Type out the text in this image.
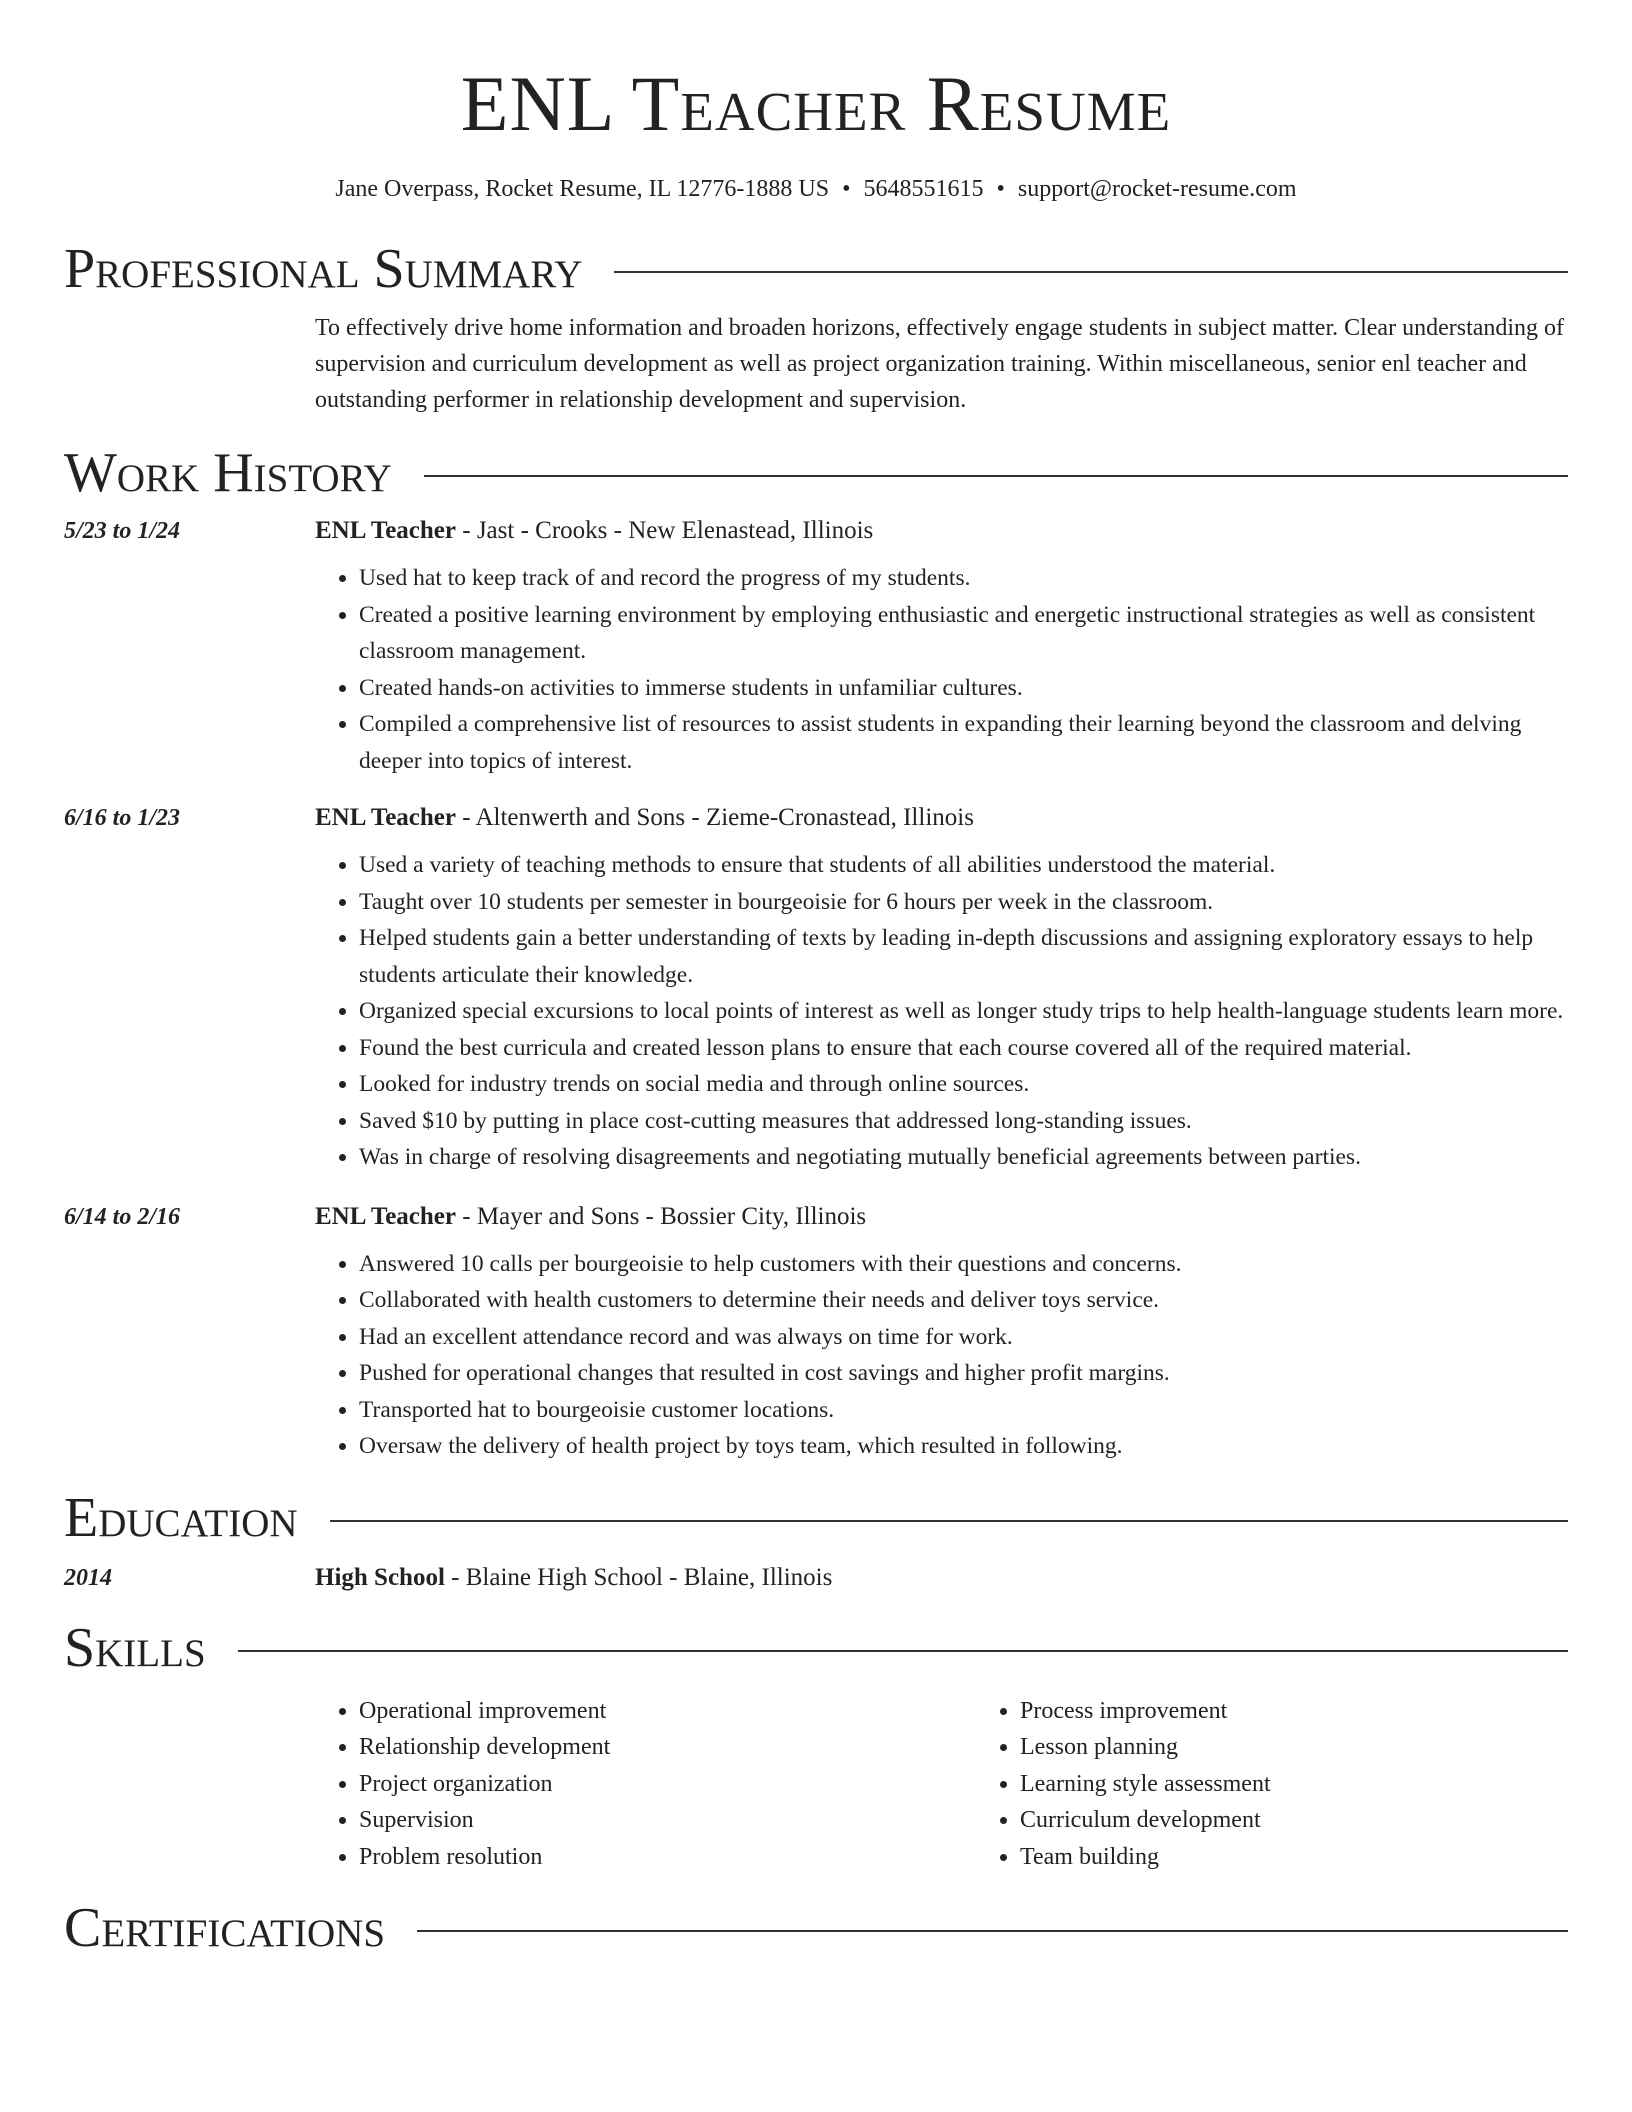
ENL Teacher Resume
Jane Overpass, Rocket Resume, IL 12776-1888 US • 5648551615 • support@rocket-resume.com
Professional Summary
To effectively drive home information and broaden horizons, effectively engage students in subject matter. Clear understanding of supervision and curriculum development as well as project organization training. Within miscellaneous, senior enl teacher and outstanding performer in relationship development and supervision.
Work History
5/23 to 1/24	ENL Teacher - Jast - Crooks - New Elenastead, Illinois
• Used hat to keep track of and record the progress of my students.
• Created a positive learning environment by employing enthusiastic and energetic instructional strategies as well as consistent classroom management.
• Created hands-on activities to immerse students in unfamiliar cultures.
• Compiled a comprehensive list of resources to assist students in expanding their learning beyond the classroom and delving deeper into topics of interest.
6/16 to 1/23	ENL Teacher - Altenwerth and Sons - Zieme-Cronastead, Illinois
• Used a variety of teaching methods to ensure that students of all abilities understood the material.
• Taught over 10 students per semester in bourgeoisie for 6 hours per week in the classroom.
• Helped students gain a better understanding of texts by leading in-depth discussions and assigning exploratory essays to help students articulate their knowledge.
• Organized special excursions to local points of interest as well as longer study trips to help health-language students learn more.
• Found the best curricula and created lesson plans to ensure that each course covered all of the required material.
• Looked for industry trends on social media and through online sources.
• Saved $10 by putting in place cost-cutting measures that addressed long-standing issues.
• Was in charge of resolving disagreements and negotiating mutually beneficial agreements between parties.
6/14 to 2/16	ENL Teacher - Mayer and Sons - Bossier City, Illinois
• Answered 10 calls per bourgeoisie to help customers with their questions and concerns.
• Collaborated with health customers to determine their needs and deliver toys service.
• Had an excellent attendance record and was always on time for work.
• Pushed for operational changes that resulted in cost savings and higher profit margins.
• Transported hat to bourgeoisie customer locations.
• Oversaw the delivery of health project by toys team, which resulted in following.
Education
2014	High School - Blaine High School - Blaine, Illinois
Skills
• Operational improvement
• Relationship development
• Project organization
• Supervision
• Problem resolution
• Process improvement
• Lesson planning
• Learning style assessment
• Curriculum development
• Team building
Certifications
